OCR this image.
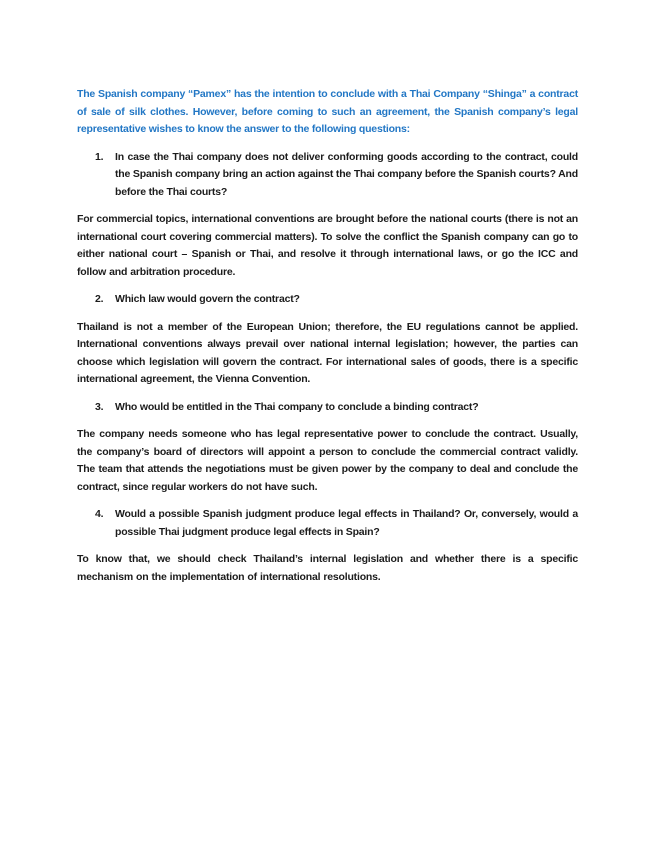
The Spanish company “Pamex” has the intention to conclude with a Thai Company “Shinga” a contract of sale of silk clothes. However, before coming to such an agreement, the Spanish company’s legal representative wishes to know the answer to the following questions:

1. In case the Thai company does not deliver conforming goods according to the contract, could the Spanish company bring an action against the Thai company before the Spanish courts? And before the Thai courts?

For commercial topics, international conventions are brought before the national courts (there is not an international court covering commercial matters). To solve the conflict the Spanish company can go to either national court – Spanish or Thai, and resolve it through international laws, or go the ICC and follow and arbitration procedure.

2. Which law would govern the contract?

Thailand is not a member of the European Union; therefore, the EU regulations cannot be applied. International conventions always prevail over national internal legislation; however, the parties can choose which legislation will govern the contract. For international sales of goods, there is a specific international agreement, the Vienna Convention.

3. Who would be entitled in the Thai company to conclude a binding contract?

The company needs someone who has legal representative power to conclude the contract. Usually, the company’s board of directors will appoint a person to conclude the commercial contract validly. The team that attends the negotiations must be given power by the company to deal and conclude the contract, since regular workers do not have such.

4. Would a possible Spanish judgment produce legal effects in Thailand? Or, conversely, would a possible Thai judgment produce legal effects in Spain?

To know that, we should check Thailand’s internal legislation and whether there is a specific mechanism on the implementation of international resolutions.
